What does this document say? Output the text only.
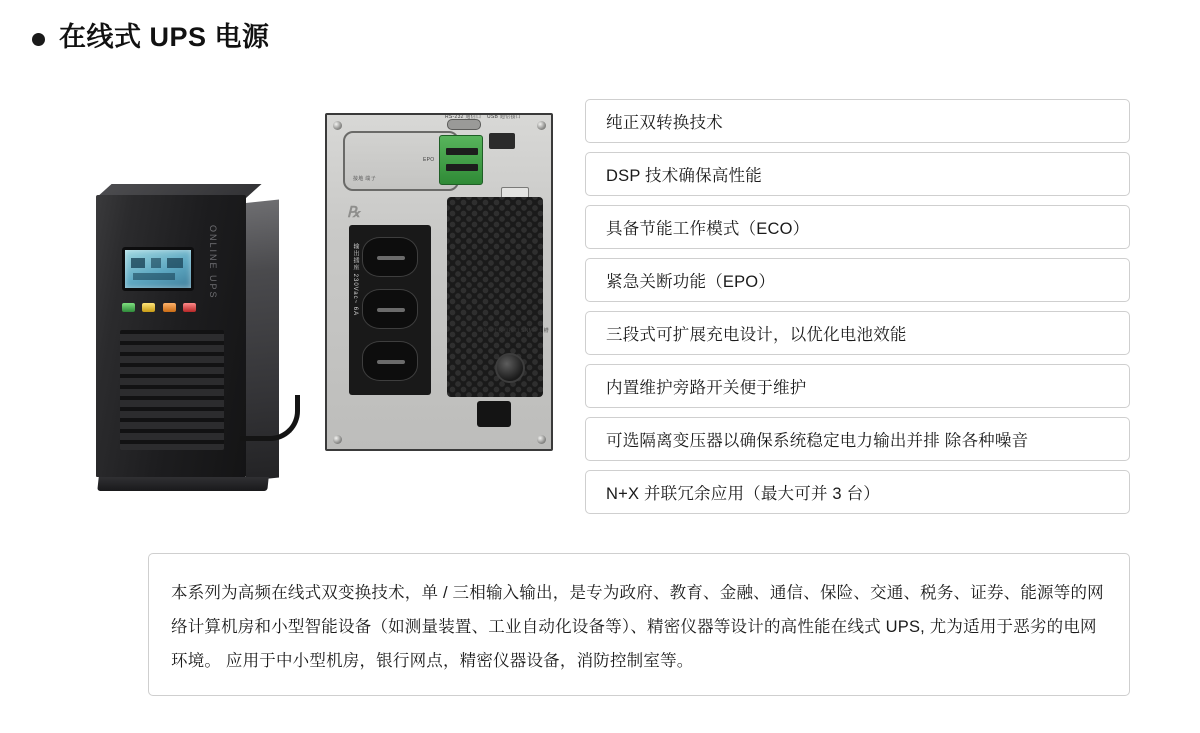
在线式 UPS 电源
ONLINE UPS
℞
RS-232 通信口 USB 通信接口
EPO
输出插座 230Vac~ 6A
接地 端子
二合一干接点接口 SNMP 卡槽
纯正双转换技术
DSP 技术确保高性能
具备节能工作模式（ECO）
紧急关断功能（EPO）
三段式可扩展充电设计，以优化电池效能
内置维护旁路开关便于维护
可选隔离变压器以确保系统稳定电力输出并排 除各种噪音
N+X 并联冗余应用（最大可并 3 台）

本系列为高频在线式双变换技术，单 / 三相输入输出，是专为政府、教育、金融、通信、保险、交通、税务、证券、能源等的网络计算机房和小型智能设备（如测量装置、工业自动化设备等）、精密仪器等设计的高性能在线式 UPS, 尤为适用于恶劣的电网环境。 应用于中小型机房，银行网点，精密仪器设备，消防控制室等。
